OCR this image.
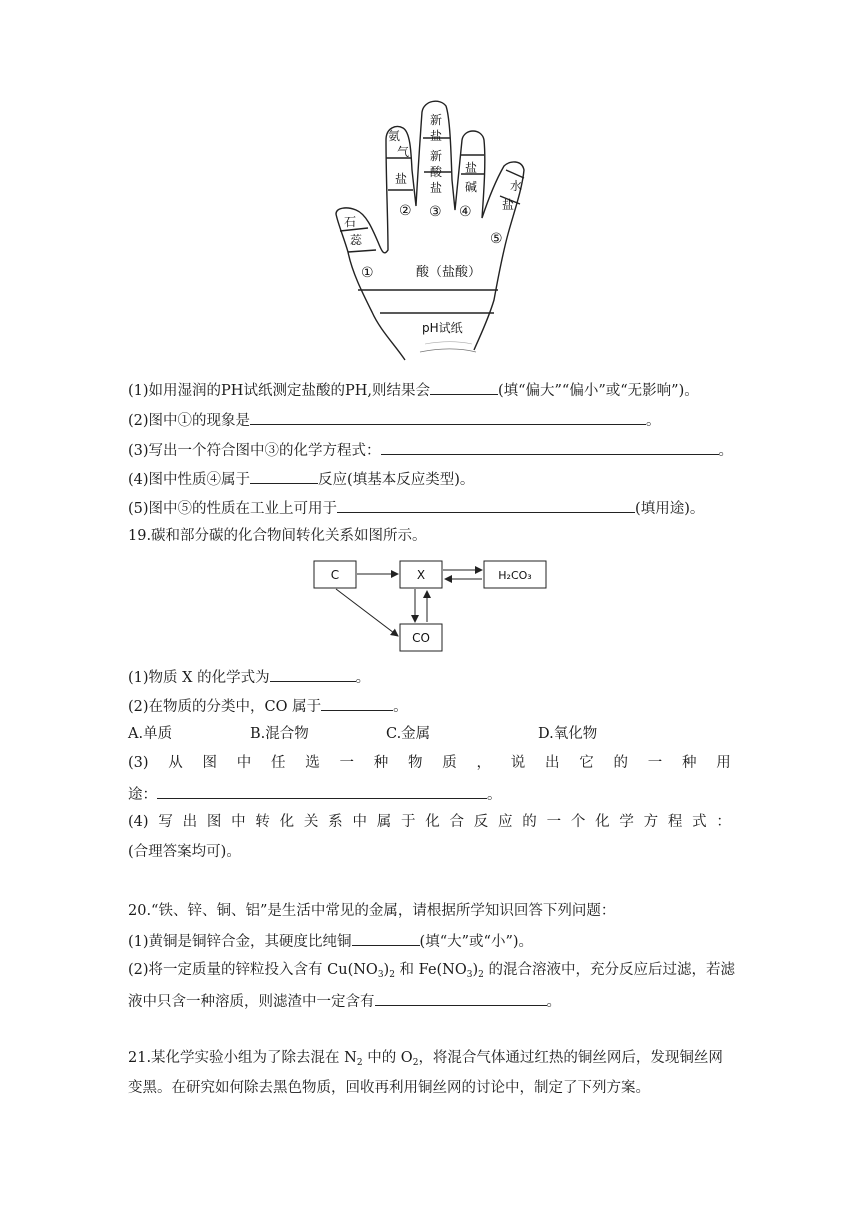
石
蕊
氨
气
盐
新
盐
新
酸
盐
盐
碱	水
盐
①
② ③ ④
⑤
酸（盐酸）
pH试纸
(1)如用湿润的PH试纸测定盐酸的PH,则结果会	(填“偏大”“偏小”或“无影响”)。
(2)图中①的现象是	。
(3)写出一个符合图中③的化学方程式：	。
(4)图中性质④属于	反应(填基本反应类型)。
(5)图中⑤的性质在工业上可用于	(填用途)。
19.碳和部分碳的化合物间转化关系如图所示。
C	X	H₂CO₃
CO
(1)物质 X 的化学式为	。
(2)在物质的分类中，CO 属于	。
A.单质	B.混合物	C.金属	D.氧化物
(3) 从 图 中 任 选 一 种 物 质 ， 说 出 它 的 一 种 用
途：	。
(4) 写 出 图 中 转 化 关 系 中 属 于 化 合 反 应 的 一 个 化 学 方 程 式 ：
(合理答案均可)。
20.“铁、锌、铜、铝”是生活中常见的金属，请根据所学知识回答下列问题：
(1)黄铜是铜锌合金，其硬度比纯铜	(填“大”或“小”)。
(2)将一定质量的锌粒投入含有 $Cu(NO_3)_2$ 和 $Fe(NO_3)_2$ 的混合溶液中，充分反应后过滤，若滤
液中只含一种溶质，则滤渣中一定含有	。
21.某化学实验小组为了除去混在 $N_2$ 中的 $O_2$，将混合气体通过红热的铜丝网后，发现铜丝网
变黑。在研究如何除去黑色物质，回收再利用铜丝网的讨论中，制定了下列方案。
